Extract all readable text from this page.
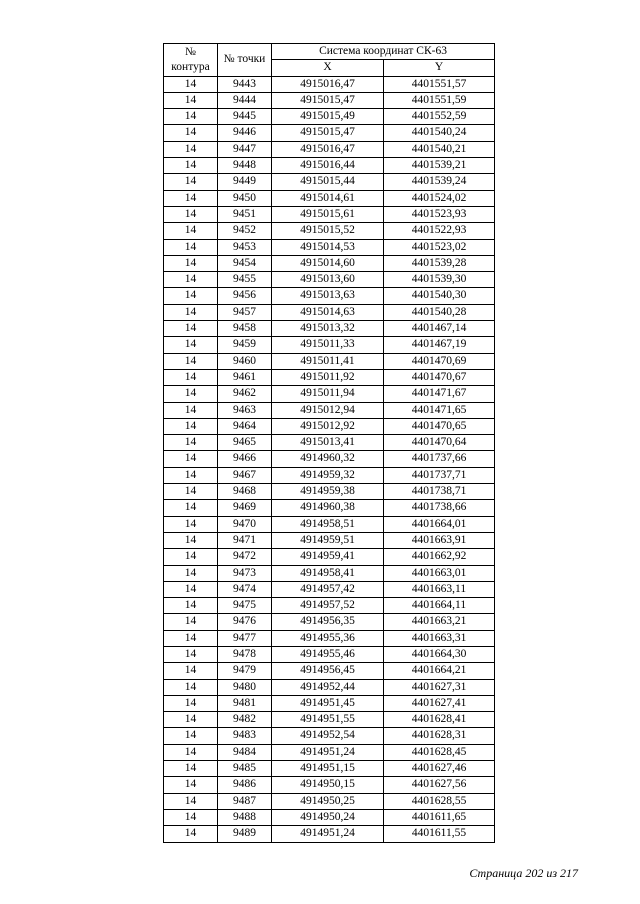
№
контура	№ точки	Система координат СК-63	
		X	Y
14	9443	4915016,47	4401551,57
14	9444	4915015,47	4401551,59
14	9445	4915015,49	4401552,59
14	9446	4915015,47	4401540,24
14	9447	4915016,47	4401540,21
14	9448	4915016,44	4401539,21
14	9449	4915015,44	4401539,24
14	9450	4915014,61	4401524,02
14	9451	4915015,61	4401523,93
14	9452	4915015,52	4401522,93
14	9453	4915014,53	4401523,02
14	9454	4915014,60	4401539,28
14	9455	4915013,60	4401539,30
14	9456	4915013,63	4401540,30
14	9457	4915014,63	4401540,28
14	9458	4915013,32	4401467,14
14	9459	4915011,33	4401467,19
14	9460	4915011,41	4401470,69
14	9461	4915011,92	4401470,67
14	9462	4915011,94	4401471,67
14	9463	4915012,94	4401471,65
14	9464	4915012,92	4401470,65
14	9465	4915013,41	4401470,64
14	9466	4914960,32	4401737,66
14	9467	4914959,32	4401737,71
14	9468	4914959,38	4401738,71
14	9469	4914960,38	4401738,66
14	9470	4914958,51	4401664,01
14	9471	4914959,51	4401663,91
14	9472	4914959,41	4401662,92
14	9473	4914958,41	4401663,01
14	9474	4914957,42	4401663,11
14	9475	4914957,52	4401664,11
14	9476	4914956,35	4401663,21
14	9477	4914955,36	4401663,31
14	9478	4914955,46	4401664,30
14	9479	4914956,45	4401664,21
14	9480	4914952,44	4401627,31
14	9481	4914951,45	4401627,41
14	9482	4914951,55	4401628,41
14	9483	4914952,54	4401628,31
14	9484	4914951,24	4401628,45
14	9485	4914951,15	4401627,46
14	9486	4914950,15	4401627,56
14	9487	4914950,25	4401628,55
14	9488	4914950,24	4401611,65
14	9489	4914951,24	4401611,55
Страница 202 из 217
